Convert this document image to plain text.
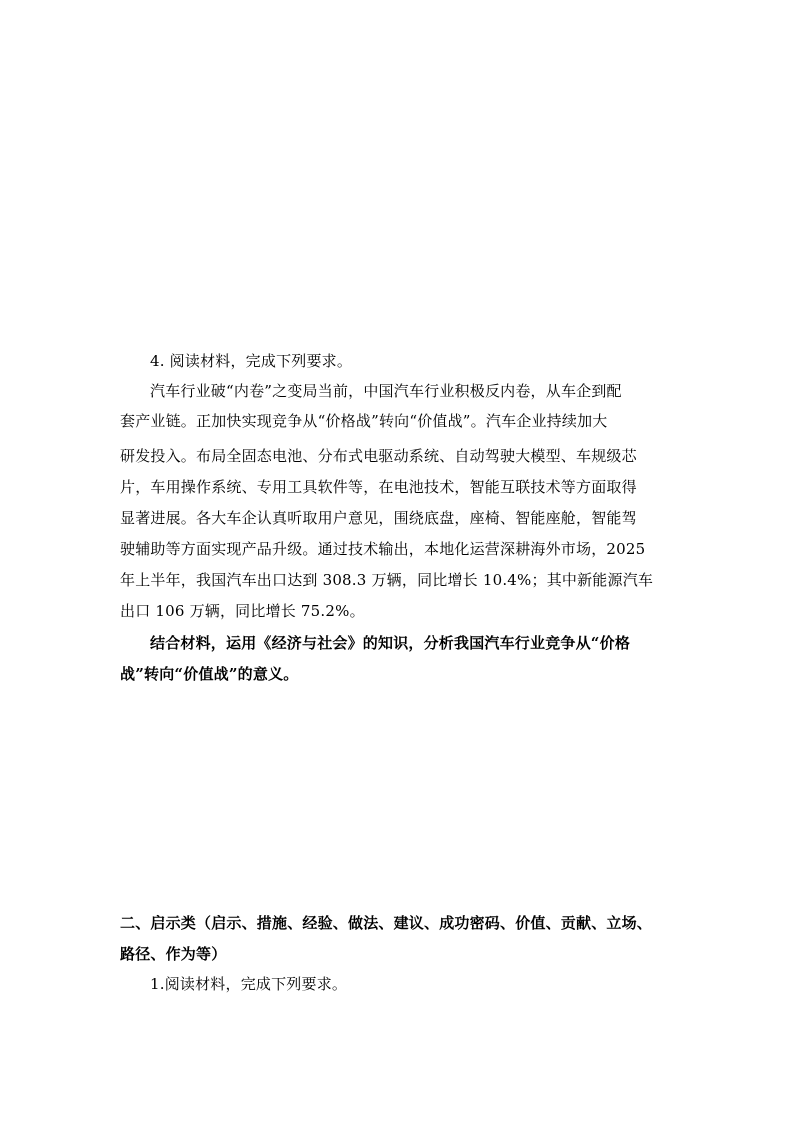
4. 阅读材料，完成下列要求。
汽车行业破“内卷”之变局当前，中国汽车行业积极反内卷，从车企到配
套产业链。正加快实现竞争从“价格战”转向“价值战”。汽车企业持续加大
研发投入。布局全固态电池、分布式电驱动系统、自动驾驶大模型、车规级芯
片，车用操作系统、专用工具软件等，在电池技术，智能互联技术等方面取得
显著进展。各大车企认真听取用户意见，围绕底盘，座椅、智能座舱，智能驾
驶辅助等方面实现产品升级。通过技术输出，本地化运营深耕海外市场，2025
年上半年，我国汽车出口达到 308.3 万辆，同比增长 10.4%；其中新能源汽车
出口 106 万辆，同比增长 75.2%。
结合材料，运用《经济与社会》的知识，分析我国汽车行业竞争从“价格
战”转向“价值战”的意义。
二、启示类（启示、措施、经验、做法、建议、成功密码、价值、贡献、立场、
路径、作为等）
1.阅读材料，完成下列要求。
